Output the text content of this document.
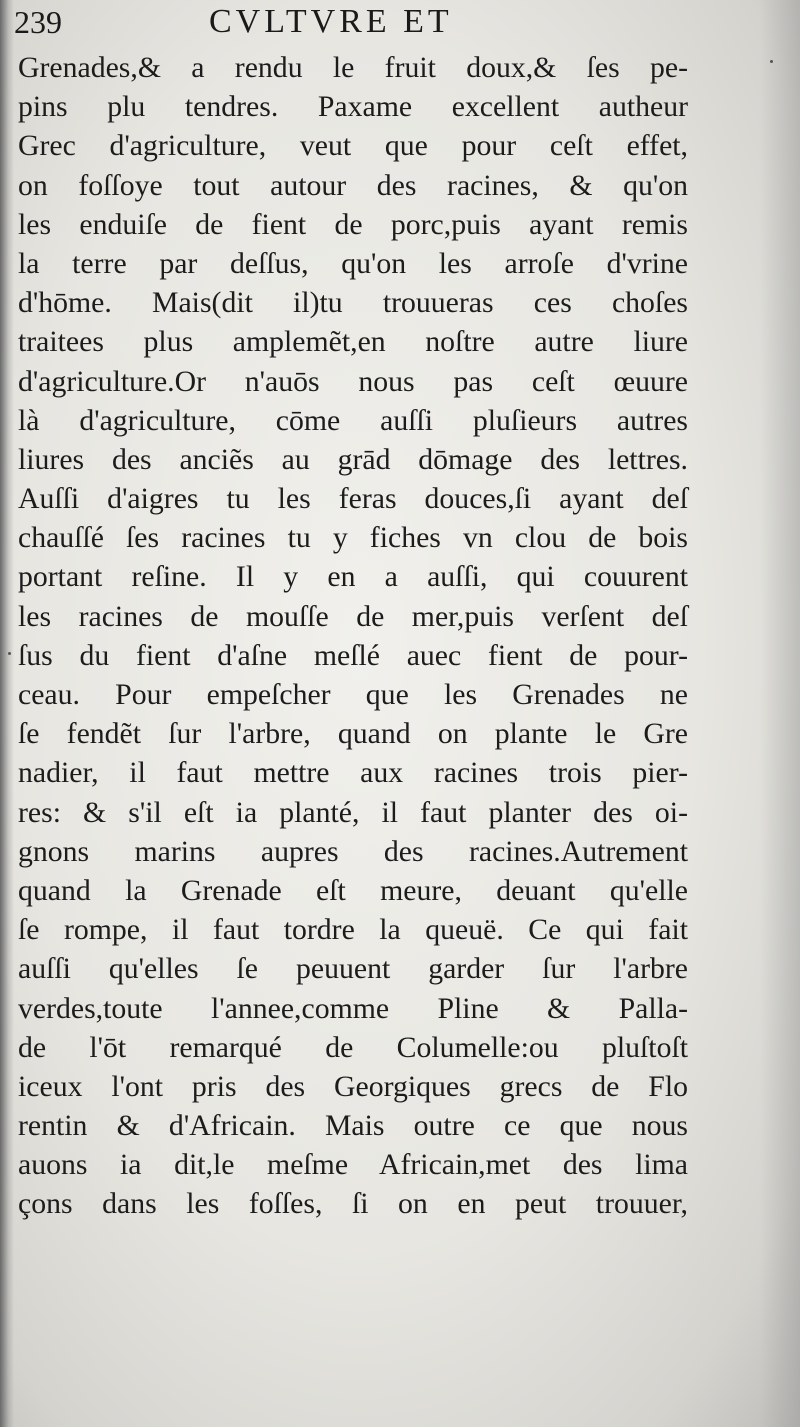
239	CVLTVRE ET
Grenades,& a rendu le fruit doux,& ſes pe-
pins plu tendres. Paxame excellent autheur
Grec d'agriculture, veut que pour ceſt effet,
on foſſoye tout autour des racines, & qu'on
les enduiſe de fient de porc,puis ayant remis
la terre par deſſus, qu'on les arroſe d'vrine
d'hōme. Mais(dit il)tu trouueras ces choſes
traitees plus amplemẽt,en noſtre autre liure
d'agriculture.Or n'auōs nous pas ceſt œuure
là d'agriculture, cōme auſſi pluſieurs autres
liures des anciẽs au grād dōmage des lettres.
Auſſi d'aigres tu les feras douces,ſi ayant deſ
chauſſé ſes racines tu y fiches vn clou de bois
portant reſine. Il y en a auſſi, qui couurent
les racines de mouſſe de mer,puis verſent deſ
ſus du fient d'aſne meſlé auec fient de pour-
ceau. Pour empeſcher que les Grenades ne
ſe fendẽt ſur l'arbre, quand on plante le Gre
nadier, il faut mettre aux racines trois pier-
res: & s'il eſt ia planté, il faut planter des oi-
gnons marins aupres des racines.Autrement
quand la Grenade eſt meure, deuant qu'elle
ſe rompe, il faut tordre la queuë. Ce qui fait
auſſi qu'elles ſe peuuent garder ſur l'arbre
verdes,toute l'annee,comme Pline & Palla-
de l'ōt remarqué de Columelle:ou pluſtoſt
iceux l'ont pris des Georgiques grecs de Flo
rentin & d'Africain. Mais outre ce que nous
auons ia dit,le meſme Africain,met des lima
çons dans les foſſes, ſi on en peut trouuer,
